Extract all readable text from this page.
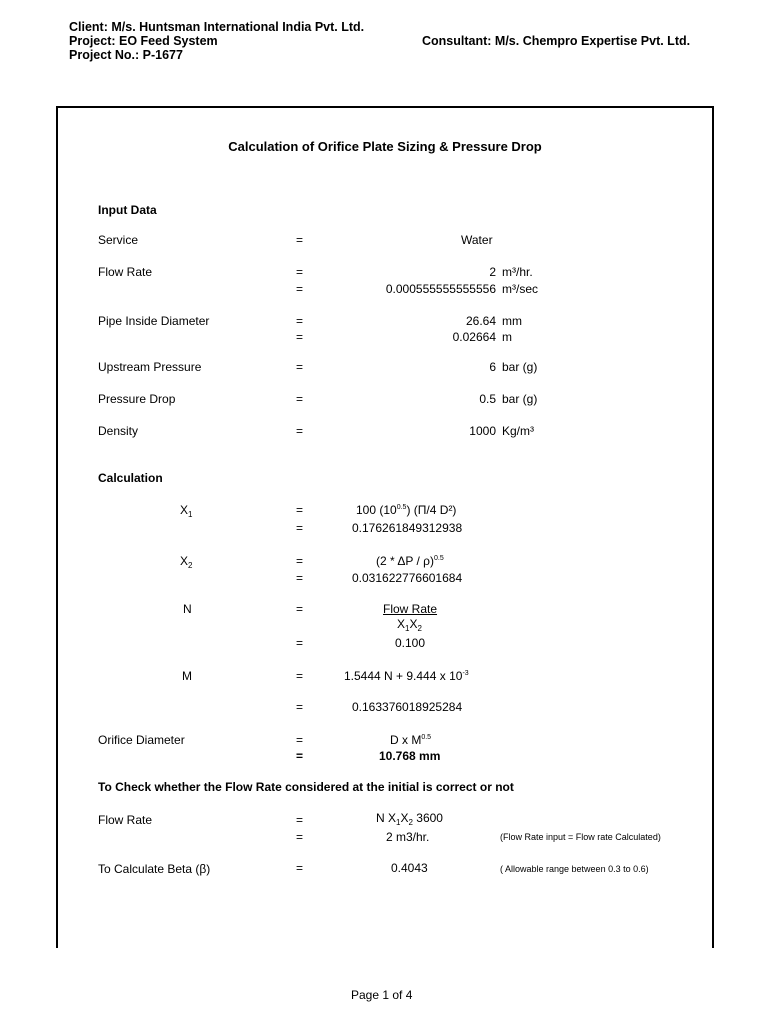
Client: M/s. Huntsman International India Pvt. Ltd.
Project: EO Feed System
Project No.: P-1677
Consultant: M/s. Chempro Expertise Pvt. Ltd.
Calculation of Orifice Plate Sizing & Pressure Drop
Input Data
Service	=	Water
Flow Rate	=	2 m³/hr.
=	0.000555555555556 m³/sec
Pipe Inside Diameter	=	26.64 mm
=	0.02664 m
Upstream Pressure	=	6 bar (g)
Pressure Drop	=	0.5 bar (g)
Density	=	1000 Kg/m³
Calculation
$X_1$	=	100 $(10^{0.5})$ (Π/4 D²)
=	0.176261849312938
$X_2$	=	(2 * ΔP / ρ)$^{0.5}$
=	0.031622776601684
N	=	Flow Rate
$X_1X_2$
=	0.100
M	=	1.5444 N + 9.444 x $10^{-3}$
=	0.163376018925284
Orifice Diameter	=	D x $M^{0.5}$
=	10.768 mm
To Check whether the Flow Rate considered at the initial is correct or not
Flow Rate	=	N $X_1X_2$ 3600
=	2 m3/hr.	(Flow Rate input = Flow rate Calculated)
To Calculate Beta (β)	=	0.4043	( Allowable range between 0.3 to 0.6)
Page 1 of 4
